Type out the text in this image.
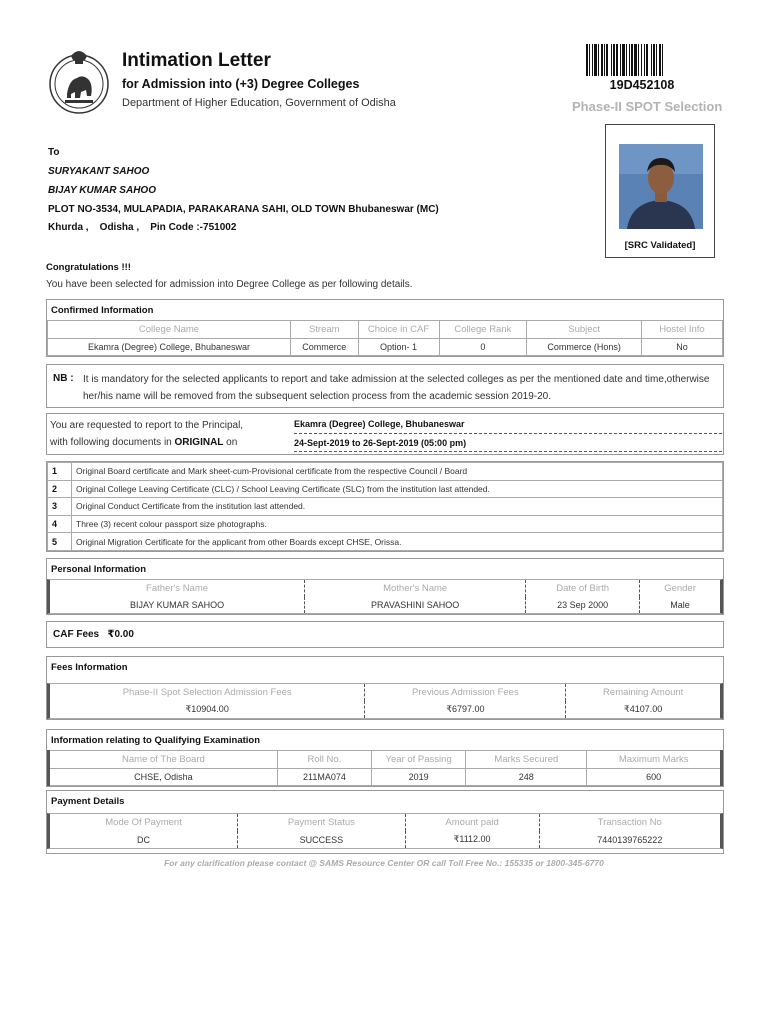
Intimation Letter
for Admission into (+3) Degree Colleges
Department of Higher Education, Government of Odisha
19D452108
Phase-II SPOT Selection
To
SURYAKANT SAHOO
BIJAY KUMAR SAHOO
PLOT NO-3534, MULAPADIA, PARAKARANA SAHI, OLD TOWN Bhubaneswar (MC)
Khurda ,    Odisha ,    Pin Code :-751002
[SRC Validated]
Congratulations !!!
You have been selected for admission into Degree College as per following details.
Confirmed Information
College Name	Stream	Choice in CAF	College Rank	Subject	Hostel Info
Ekamra (Degree) College, Bhubaneswar	Commerce	Option- 1	0	Commerce (Hons)	No
NB : It is mandatory for the selected applicants to report and take admission at the selected colleges as per the mentioned date and time,otherwise her/his name will be removed from the subsequent selection process from the academic session 2019-20.
You are requested to report to the Principal,
with following documents in ORIGINAL on
Ekamra (Degree) College, Bhubaneswar
24-Sept-2019 to 26-Sept-2019 (05:00 pm)
1	Original Board certificate and Mark sheet-cum-Provisional certificate from the respective Council / Board
2	Original College Leaving Certificate (CLC) / School Leaving Certificate (SLC) from the institution last attended.
3	Original Conduct Certificate from the institution last attended.
4	Three (3) recent colour passport size photographs.
5	Original Migration Certificate for the applicant from other Boards except CHSE, Orissa.
Personal Information
Father's Name	Mother's Name	Date of Birth	Gender
BIJAY KUMAR SAHOO	PRAVASHINI SAHOO	23 Sep 2000	Male
CAF Fees ₹0.00
Fees Information
Phase-II Spot Selection Admission Fees	Previous Admission Fees	Remaining Amount
₹10904.00	₹6797.00	₹4107.00
Information relating to Qualifying Examination
Name of The Board	Roll No.	Year of Passing	Marks Secured	Maximum Marks
CHSE, Odisha	211MA074	2019	248	600
Payment Details
Mode Of Payment	Payment Status	Amount paid	Transaction No
DC	SUCCESS	₹1112.00	7440139765222
For any clarification please contact @ SAMS Resource Center OR call Toll Free No.: 155335 or 1800-345-6770
